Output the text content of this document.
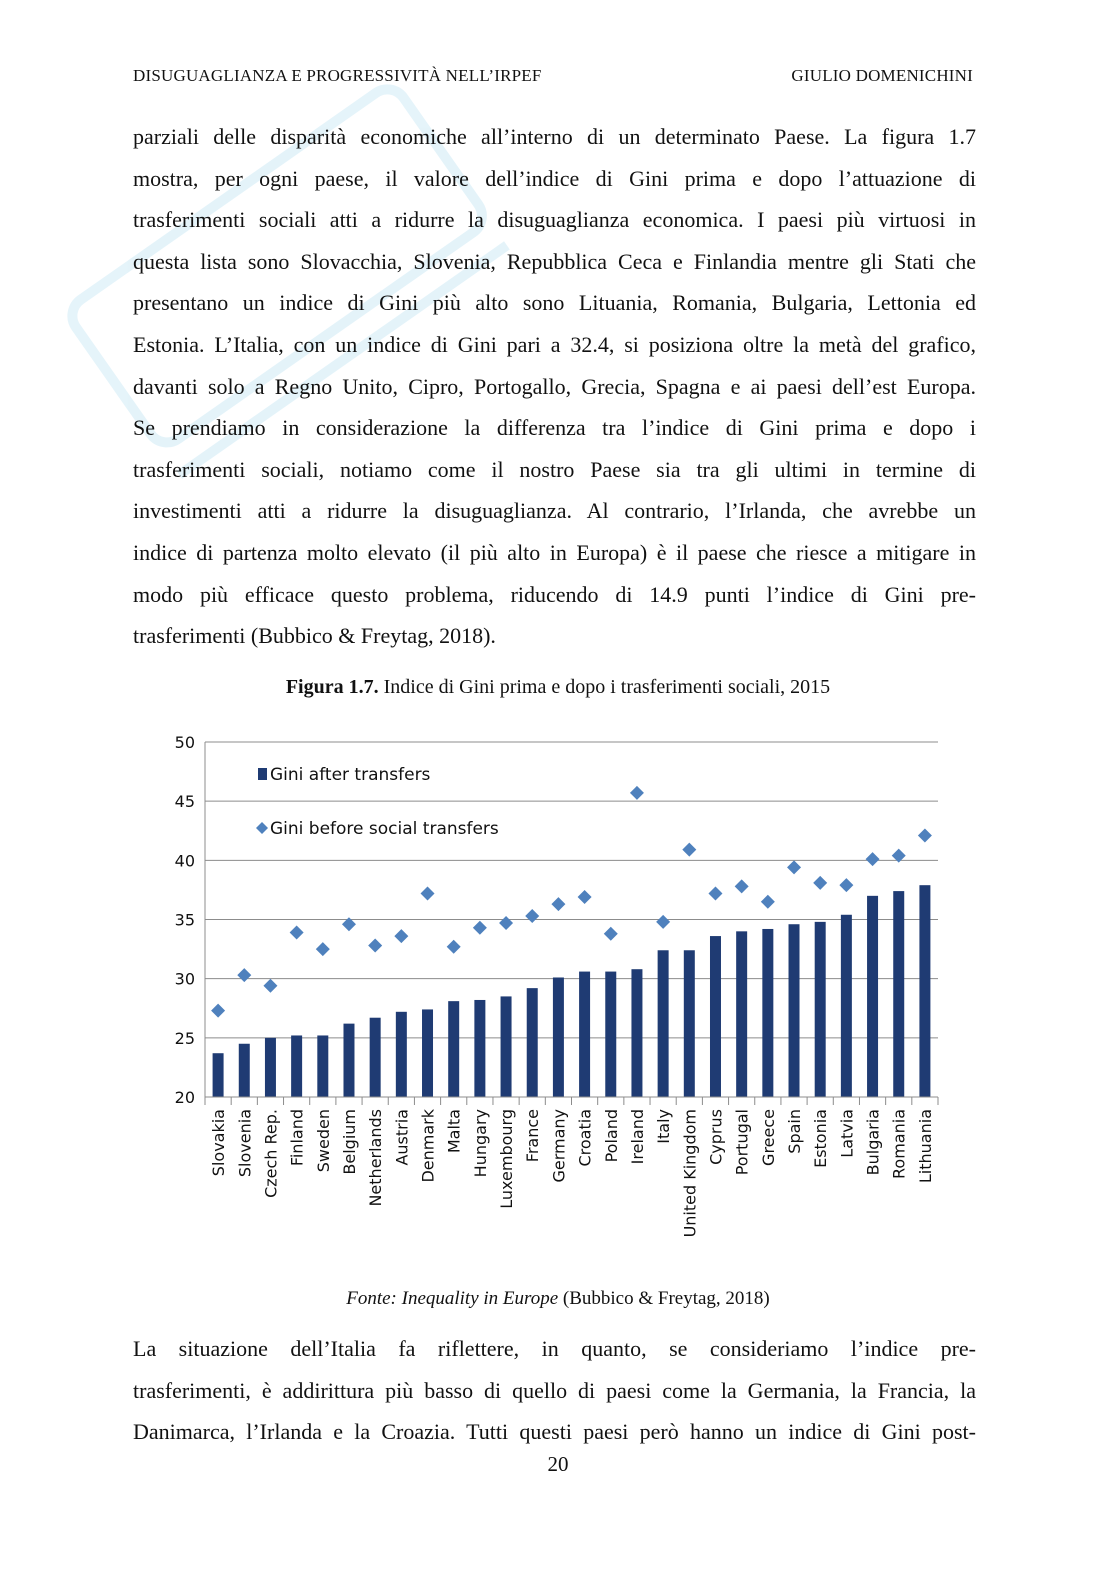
DISUGUAGLIANZA E PROGRESSIVITÀ NELL’IRPEF	GIULIO DOMENICHINI

parziali delle disparità economiche all’interno di un determinato Paese. La figura 1.7

mostra, per ogni paese, il valore dell’indice di Gini prima e dopo l’attuazione di

trasferimenti sociali atti a ridurre la disuguaglianza economica. I paesi più virtuosi in

questa lista sono Slovacchia, Slovenia, Repubblica Ceca e Finlandia mentre gli Stati che

presentano un indice di Gini più alto sono Lituania, Romania, Bulgaria, Lettonia ed

Estonia. L’Italia, con un indice di Gini pari a 32.4, si posiziona oltre la metà del grafico,

davanti solo a Regno Unito, Cipro, Portogallo, Grecia, Spagna e ai paesi dell’est Europa.

Se prendiamo in considerazione la differenza tra l’indice di Gini prima e dopo i

trasferimenti sociali, notiamo come il nostro Paese sia tra gli ultimi in termine di

investimenti atti a ridurre la disuguaglianza. Al contrario, l’Irlanda, che avrebbe un

indice di partenza molto elevato (il più alto in Europa) è il paese che riesce a mitigare in

modo più efficace questo problema, riducendo di 14.9 punti l’indice di Gini pre-

trasferimenti (Bubbico & Freytag, 2018).

Figura 1.7. Indice di Gini prima e dopo i trasferimenti sociali, 2015
20
25
30
35
40
45
50
Slovakia Slovenia Czech Rep. Finland Sweden Belgium Netherlands Austria Denmark Malta Hungary Luxembourg France Germany Croatia Poland Ireland Italy United Kingdom Cyprus Portugal Greece Spain Estonia Latvia Bulgaria Romania Lithuania
Gini after transfers
Gini before social transfers
Fonte: Inequality in Europe (Bubbico & Freytag, 2018)

La situazione dell’Italia fa riflettere, in quanto, se consideriamo l’indice pre-

trasferimenti, è addirittura più basso di quello di paesi come la Germania, la Francia, la

Danimarca, l’Irlanda e la Croazia. Tutti questi paesi però hanno un indice di Gini post-

20
